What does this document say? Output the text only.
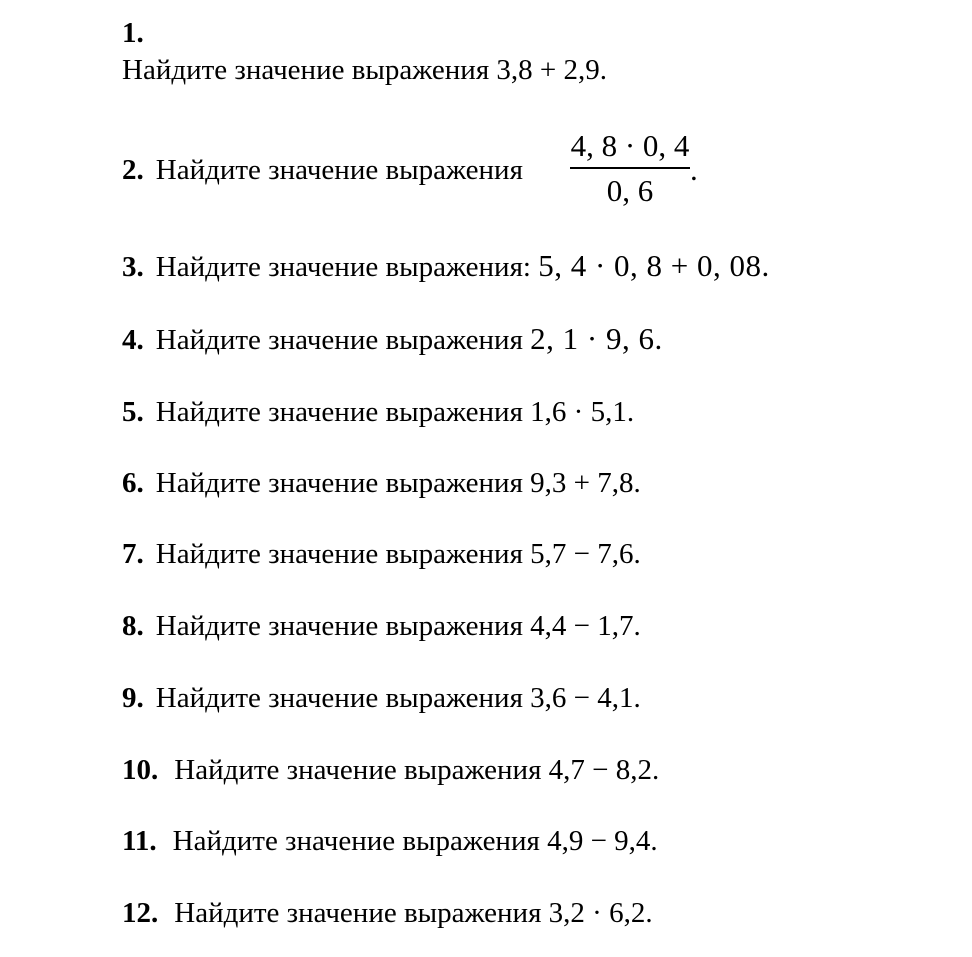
1.
Найдите значение выражения 3,8 + 2,9.
2. Найдите значение выражения
4, 8 · 0, 4
0, 6
.
3. Найдите значение выражения: 5, 4 · 0, 8 + 0, 08.
4. Найдите значение выражения 2, 1 · 9, 6.
5. Найдите значение выражения 1,6 · 5,1.
6. Найдите значение выражения 9,3 + 7,8.
7. Найдите значение выражения 5,7 − 7,6.
8. Найдите значение выражения 4,4 − 1,7.
9. Найдите значение выражения 3,6 − 4,1.
10. Найдите значение выражения 4,7 − 8,2.
11. Найдите значение выражения 4,9 − 9,4.
12. Найдите значение выражения 3,2 · 6,2.
